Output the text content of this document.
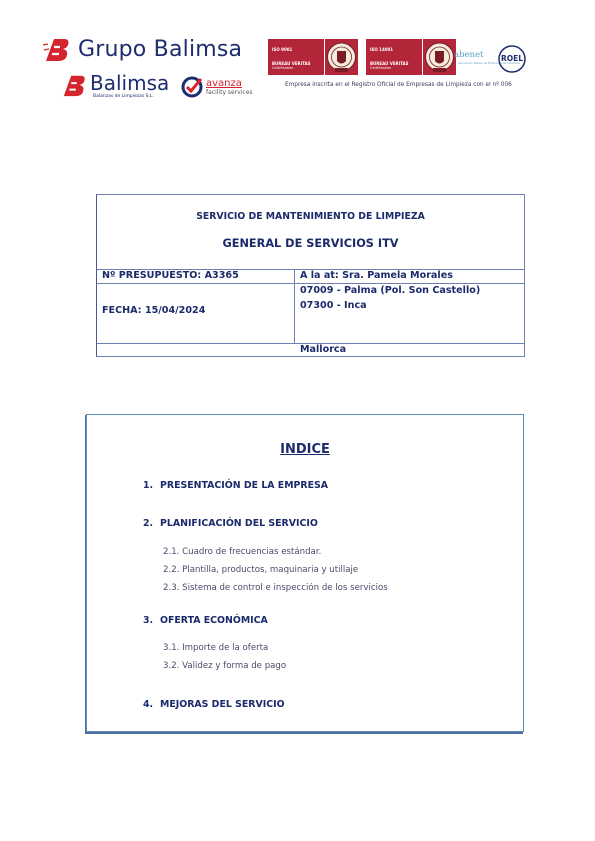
Grupo Balimsa
Balimsa
Balanzas de Limpiezas S.L.
avanza
facility services
ISO 9001
BUREAU VERITAS
Certification
ISO 14001
BUREAU VERITAS
Certification
abenet
Asociación Balear de Empresas de Limpieza
ROEL
Empresa inscrita en el Registro Oficial de Empresas de Limpieza con el nº 006
SERVICIO DE MANTENIMIENTO DE LIMPIEZA
GENERAL DE SERVICIOS ITV
Nº PRESUPUESTO: A3365	A la at: Sra. Pamela Morales
FECHA: 15/04/2024
07009 - Palma (Pol. Son Castello)
07300 - Inca
Mallorca
INDICE
1. PRESENTACIÓN DE LA EMPRESA
2. PLANIFICACIÓN DEL SERVICIO
2.1. Cuadro de frecuencias estándar.
2.2. Plantilla, productos, maquinaria y utillaje
2.3. Sistema de control e inspección de los servicios
3. OFERTA ECONÓMICA
3.1. Importe de la oferta
3.2. Validez y forma de pago
4. MEJORAS DEL SERVICIO
